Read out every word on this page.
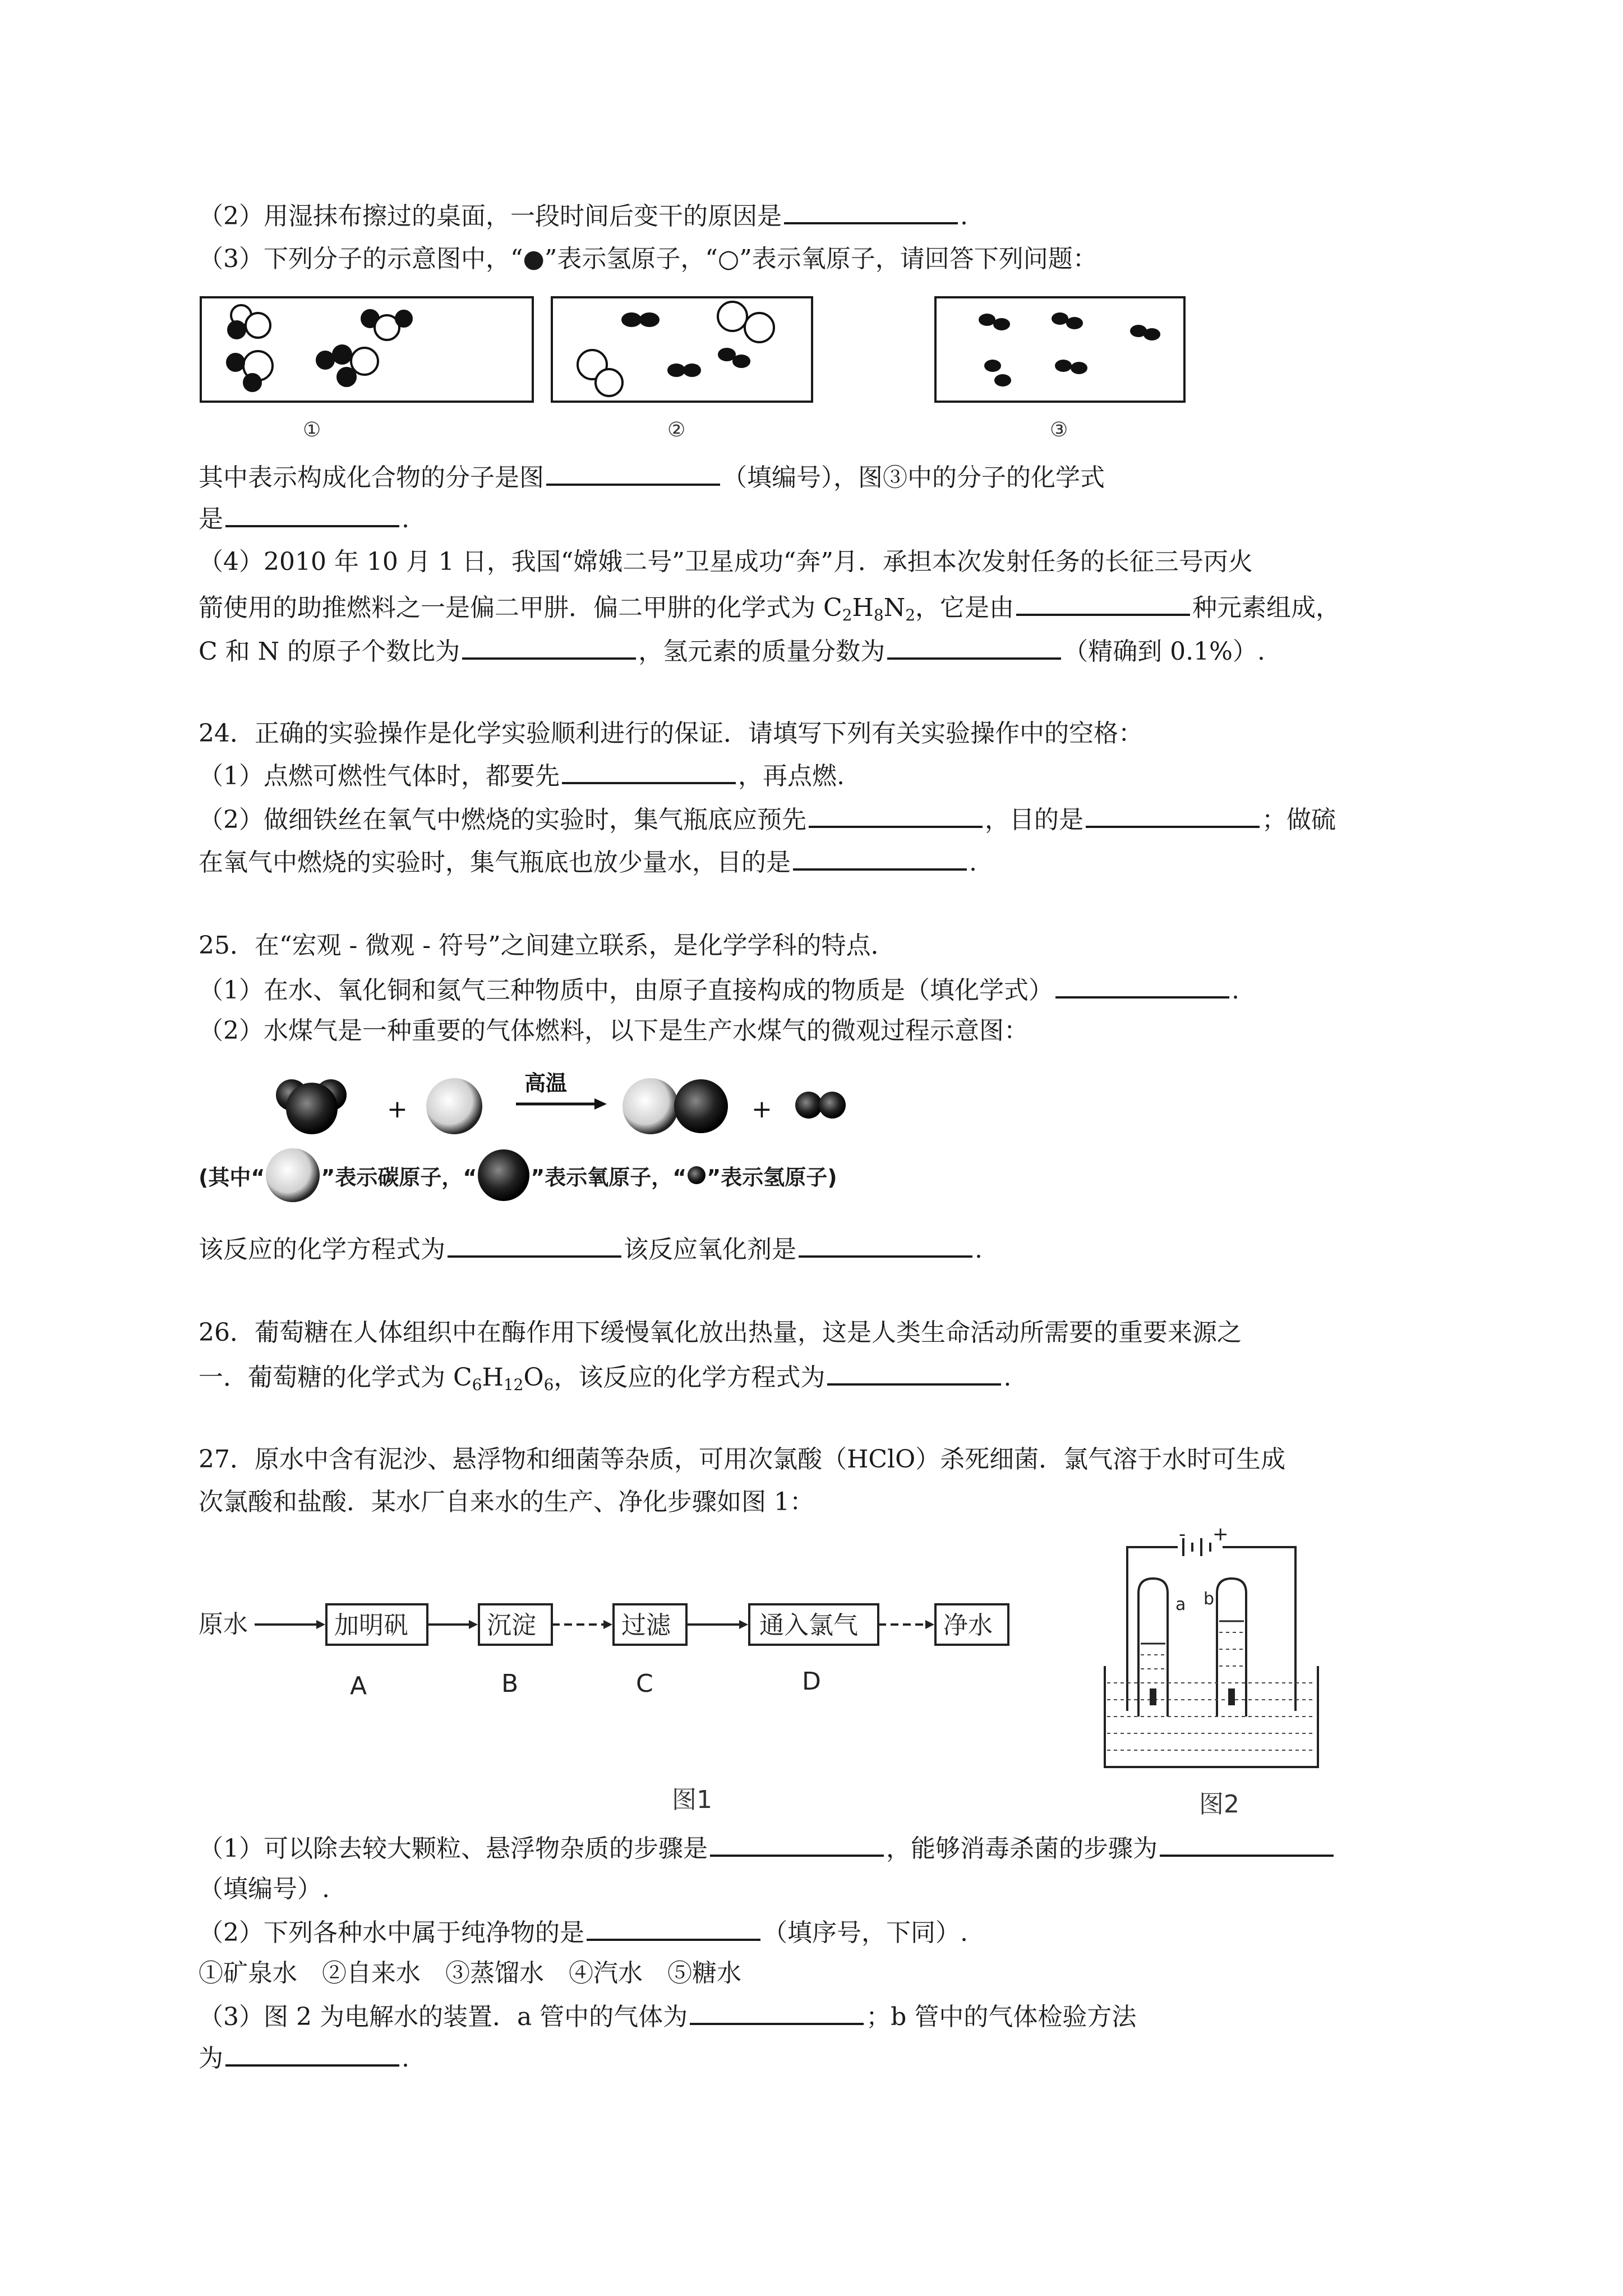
（2）用湿抹布擦过的桌面，一段时间后变干的原因是	.
（3）下列分子的示意图中，“●”表示氢原子，“○”表示氧原子，请回答下列问题：
①	②	③
其中表示构成化合物的分子是图	（填编号），图③中的分子的化学式
是	.
（4）2010 年 10 月 1 日，我国“嫦娥二号”卫星成功“奔”月．承担本次发射任务的长征三号丙火
箭使用的助推燃料之一是偏二甲肼．偏二甲肼的化学式为 $C_2H_8N_2$，它是由	种元素组成，
C 和 N 的原子个数比为	，氢元素的质量分数为	（精确到 0.1%）.
24．正确的实验操作是化学实验顺利进行的保证．请填写下列有关实验操作中的空格：
（1）点燃可燃性气体时，都要先	，再点燃.
（2）做细铁丝在氧气中燃烧的实验时，集气瓶底应预先	，目的是	；做硫
在氧气中燃烧的实验时，集气瓶底也放少量水，目的是	.
25．在“宏观 - 微观 - 符号”之间建立联系，是化学学科的特点．
（1）在水、氧化铜和氦气三种物质中，由原子直接构成的物质是（填化学式）	.
（2）水煤气是一种重要的气体燃料，以下是生产水煤气的微观过程示意图：
+
高温
+
(其中“	”表示碳原子，“	”表示氧原子，“ ”表示氢原子)
该反应的化学方程式为	该反应氧化剂是	.
26．葡萄糖在人体组织中在酶作用下缓慢氧化放出热量，这是人类生命活动所需要的重要来源之
一．葡萄糖的化学式为 $C_6H_{12}O_6$，该反应的化学方程式为	.
27．原水中含有泥沙、悬浮物和细菌等杂质，可用次氯酸（HClO）杀死细菌．氯气溶于水时可生成
次氯酸和盐酸．某水厂自来水的生产、净化步骤如图 1：
原水	加明矾	沉淀	过滤	通入氯气	净水
A	B	C	D
图1
a b
- +
图2
（1）可以除去较大颗粒、悬浮物杂质的步骤是	，能够消毒杀菌的步骤为
（填编号）.
（2）下列各种水中属于纯净物的是	（填序号，下同）.
①矿泉水　②自来水　③蒸馏水　④汽水　⑤糖水
（3）图 2 为电解水的装置．a 管中的气体为	；b 管中的气体检验方法
为	.
